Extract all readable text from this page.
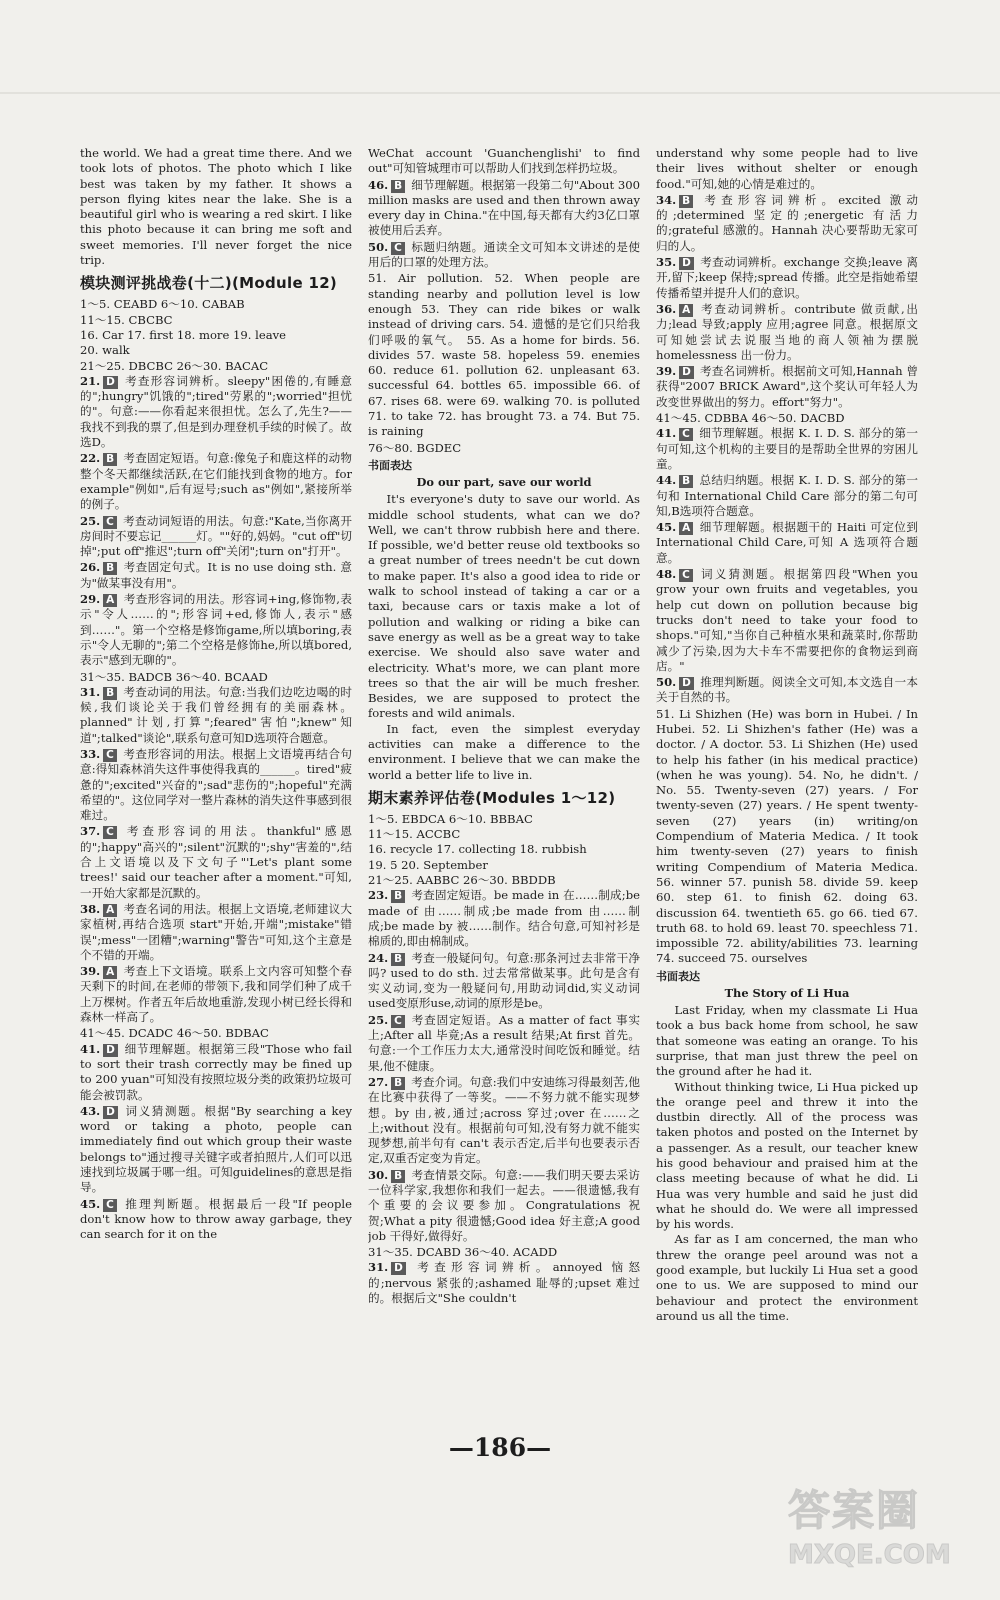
the world. We had a great time there. And we took lots of photos. The photo which I like best was taken by my father. It shows a person flying kites near the lake. She is a beautiful girl who is wearing a red skirt. I like this photo because it can bring me soft and sweet memories. I'll never forget the nice trip.

模块测评挑战卷(十二)(Module 12)
1～5. CEABD 6～10. CABAB
11～15. CBCBC
16. Car 17. first 18. more 19. leave
20. walk
21～25. DBCBC 26～30. BACAC
21. D 考查形容词辨析。sleepy"困倦的,有睡意的";hungry"饥饿的";tired"劳累的";worried"担忧的"。句意:——你看起来很担忧。怎么了,先生?——我找不到我的票了,但是到办理登机手续的时候了。故选D。
22. B 考查固定短语。句意:像兔子和鹿这样的动物整个冬天都继续活跃,在它们能找到食物的地方。for example"例如",后有逗号;such as"例如",紧接所举的例子。
25. C 考查动词短语的用法。句意:"Kate,当你离开房间时不要忘记______灯。""好的,妈妈。"cut off"切掉";put off"推迟";turn off"关闭";turn on"打开"。
26. B 考查固定句式。It is no use doing sth. 意为"做某事没有用"。
29. A 考查形容词的用法。形容词+ing,修饰物,表示"令人……的";形容词+ed,修饰人,表示"感到……"。第一个空格是修饰game,所以填boring,表示"令人无聊的";第二个空格是修饰he,所以填bored,表示"感到无聊的"。
31～35. BADCB 36～40. BCAAD
31. B 考查动词的用法。句意:当我们边吃边喝的时候,我们谈论关于我们曾经拥有的美丽森林。planned"计划,打算";feared"害怕";knew"知道";talked"谈论",联系句意可知D选项符合题意。
33. C 考查形容词的用法。根据上文语境再结合句意:得知森林消失这件事使得我真的______。tired"疲惫的";excited"兴奋的";sad"悲伤的";hopeful"充满希望的"。这位同学对一整片森林的消失这件事感到很难过。
37. C 考查形容词的用法。thankful"感恩的";happy"高兴的";silent"沉默的";shy"害羞的",结合上文语境以及下文句子"'Let's plant some trees!' said our teacher after a moment."可知,一开始大家都是沉默的。
38. A 考查名词的用法。根据上文语境,老师建议大家植树,再结合选项 start"开始,开端";mistake"错误";mess"一团糟";warning"警告"可知,这个主意是个不错的开端。
39. A 考查上下文语境。联系上文内容可知整个春天剩下的时间,在老师的带领下,我和同学们种了成千上万棵树。作者五年后故地重游,发现小树已经长得和森林一样高了。
41～45. DCADC 46～50. BDBAC
41. D 细节理解题。根据第三段"Those who fail to sort their trash correctly may be fined up to 200 yuan"可知没有按照垃圾分类的政策扔垃圾可能会被罚款。
43. D 词义猜测题。根据"By searching a key word or taking a photo, people can immediately find out which group their waste belongs to"通过搜寻关键字或者拍照片,人们可以迅速找到垃圾属于哪一组。可知guidelines的意思是指导。
45. C 推理判断题。根据最后一段"If people don't know how to throw away garbage, they can search for it on the

WeChat account 'Guanchenglishi' to find out"可知管城理市可以帮助人们找到怎样扔垃圾。

46. B 细节理解题。根据第一段第二句"About 300 million masks are used and then thrown away every day in China."在中国,每天都有大约3亿口罩被使用后丢弃。
50. C 标题归纳题。通读全文可知本文讲述的是使用后的口罩的处理方法。

51. Air pollution. 52. When people are standing nearby and pollution level is low enough 53. They can ride bikes or walk instead of driving cars. 54. 遗憾的是它们只给我们呼吸的氧气。 55. As a home for birds. 56. divides 57. waste 58. hopeless 59. enemies 60. reduce 61. pollution 62. unpleasant 63. successful 64. bottles 65. impossible 66. of 67. rises 68. were 69. walking 70. is polluted 71. to take 72. has brought 73. a 74. But 75. is raining

76～80. BGDEC
书面表达
Do our part, save our world

It's everyone's duty to save our world. As middle school students, what can we do? Well, we can't throw rubbish here and there. If possible, we'd better reuse old textbooks so a great number of trees needn't be cut down to make paper. It's also a good idea to ride or walk to school instead of taking a car or a taxi, because cars or taxis make a lot of pollution and walking or riding a bike can save energy as well as be a great way to take exercise. We should also save water and electricity. What's more, we can plant more trees so that the air will be much fresher. Besides, we are supposed to protect the forests and wild animals.

In fact, even the simplest everyday activities can make a difference to the environment. I believe that we can make the world a better life to live in.

期末素养评估卷(Modules 1～12)
1～5. EBDCA 6～10. BBBAC
11～15. ACCBC
16. recycle 17. collecting 18. rubbish
19. 5 20. September
21～25. AABBC 26～30. BBDDB
23. B 考查固定短语。be made in 在……制成;be made of 由……制成;be made from 由……制成;be made by 被……制作。结合句意,可知衬衫是棉质的,即由棉制成。
24. B 考查一般疑问句。句意:那条河过去非常干净吗? used to do sth. 过去常常做某事。此句是含有实义动词,变为一般疑问句,用助动词did,实义动词used变原形use,动词的原形是be。
25. C 考查固定短语。As a matter of fact 事实上;After all 毕竟;As a result 结果;At first 首先。句意:一个工作压力太大,通常没时间吃饭和睡觉。结果,他不健康。
27. B 考查介词。句意:我们中安迪练习得最刻苦,他在比赛中获得了一等奖。——不努力就不能实现梦想。by 由,被,通过;across 穿过;over 在……之上;without 没有。根据前句可知,没有努力就不能实现梦想,前半句有 can't 表示否定,后半句也要表示否定,双重否定变为肯定。
30. B 考查情景交际。句意:——我们明天要去采访一位科学家,我想你和我们一起去。——很遗憾,我有个重要的会议要参加。Congratulations 祝贺;What a pity 很遗憾;Good idea 好主意;A good job 干得好,做得好。
31～35. DCABD 36～40. ACADD
31. D 考查形容词辨析。annoyed 恼怒的;nervous 紧张的;ashamed 耻辱的;upset 难过的。根据后文"She couldn't

understand why some people had to live their lives without shelter or enough food."可知,她的心情是难过的。

34. B 考查形容词辨析。excited 激动的;determined 坚定的;energetic 有活力的;grateful 感激的。Hannah 决心要帮助无家可归的人。
35. D 考查动词辨析。exchange 交换;leave 离开,留下;keep 保持;spread 传播。此空是指她希望传播希望并提升人们的意识。
36. A 考查动词辨析。contribute 做贡献,出力;lead 导致;apply 应用;agree 同意。根据原文可知她尝试去说服当地的商人领袖为摆脱 homelessness 出一份力。
39. D 考查名词辨析。根据前文可知,Hannah 曾获得"2007 BRICK Award",这个奖认可年轻人为改变世界做出的努力。effort"努力"。
41～45. CDBBA 46～50. DACBD
41. C 细节理解题。根据 K. I. D. S. 部分的第一句可知,这个机构的主要目的是帮助全世界的穷困儿童。
44. B 总结归纳题。根据 K. I. D. S. 部分的第一句和 International Child Care 部分的第二句可知,B选项符合题意。
45. A 细节理解题。根据题干的 Haiti 可定位到 International Child Care,可知 A 选项符合题意。
48. C 词义猜测题。根据第四段"When you grow your own fruits and vegetables, you help cut down on pollution because big trucks don't need to take your food to shops."可知,"当你自己种植水果和蔬菜时,你帮助减少了污染,因为大卡车不需要把你的食物运到商店。"
50. D 推理判断题。阅读全文可知,本文选自一本关于自然的书。

51. Li Shizhen (He) was born in Hubei. / In Hubei. 52. Li Shizhen's father (He) was a doctor. / A doctor. 53. Li Shizhen (He) used to help his father (in his medical practice) (when he was young). 54. No, he didn't. / No. 55. Twenty-seven (27) years. / For twenty-seven (27) years. / He spent twenty-seven (27) years (in) writing/on Compendium of Materia Medica. / It took him twenty-seven (27) years to finish writing Compendium of Materia Medica. 56. winner 57. punish 58. divide 59. keep 60. step 61. to finish 62. doing 63. discussion 64. twentieth 65. go 66. tied 67. truth 68. to hold 69. least 70. speechless 71. impossible 72. ability/abilities 73. learning 74. succeed 75. ourselves

书面表达
The Story of Li Hua

Last Friday, when my classmate Li Hua took a bus back home from school, he saw that someone was eating an orange. To his surprise, that man just threw the peel on the ground after he had it.

Without thinking twice, Li Hua picked up the orange peel and threw it into the dustbin directly. All of the process was taken photos and posted on the Internet by a passenger. As a result, our teacher knew his good behaviour and praised him at the class meeting because of what he did. Li Hua was very humble and said he just did what he should do. We were all impressed by his words.

As far as I am concerned, the man who threw the orange peel around was not a good example, but luckily Li Hua set a good one to us. We are supposed to mind our behaviour and protect the environment around us all the time.

—186—
答案圈
MXQE.COM
